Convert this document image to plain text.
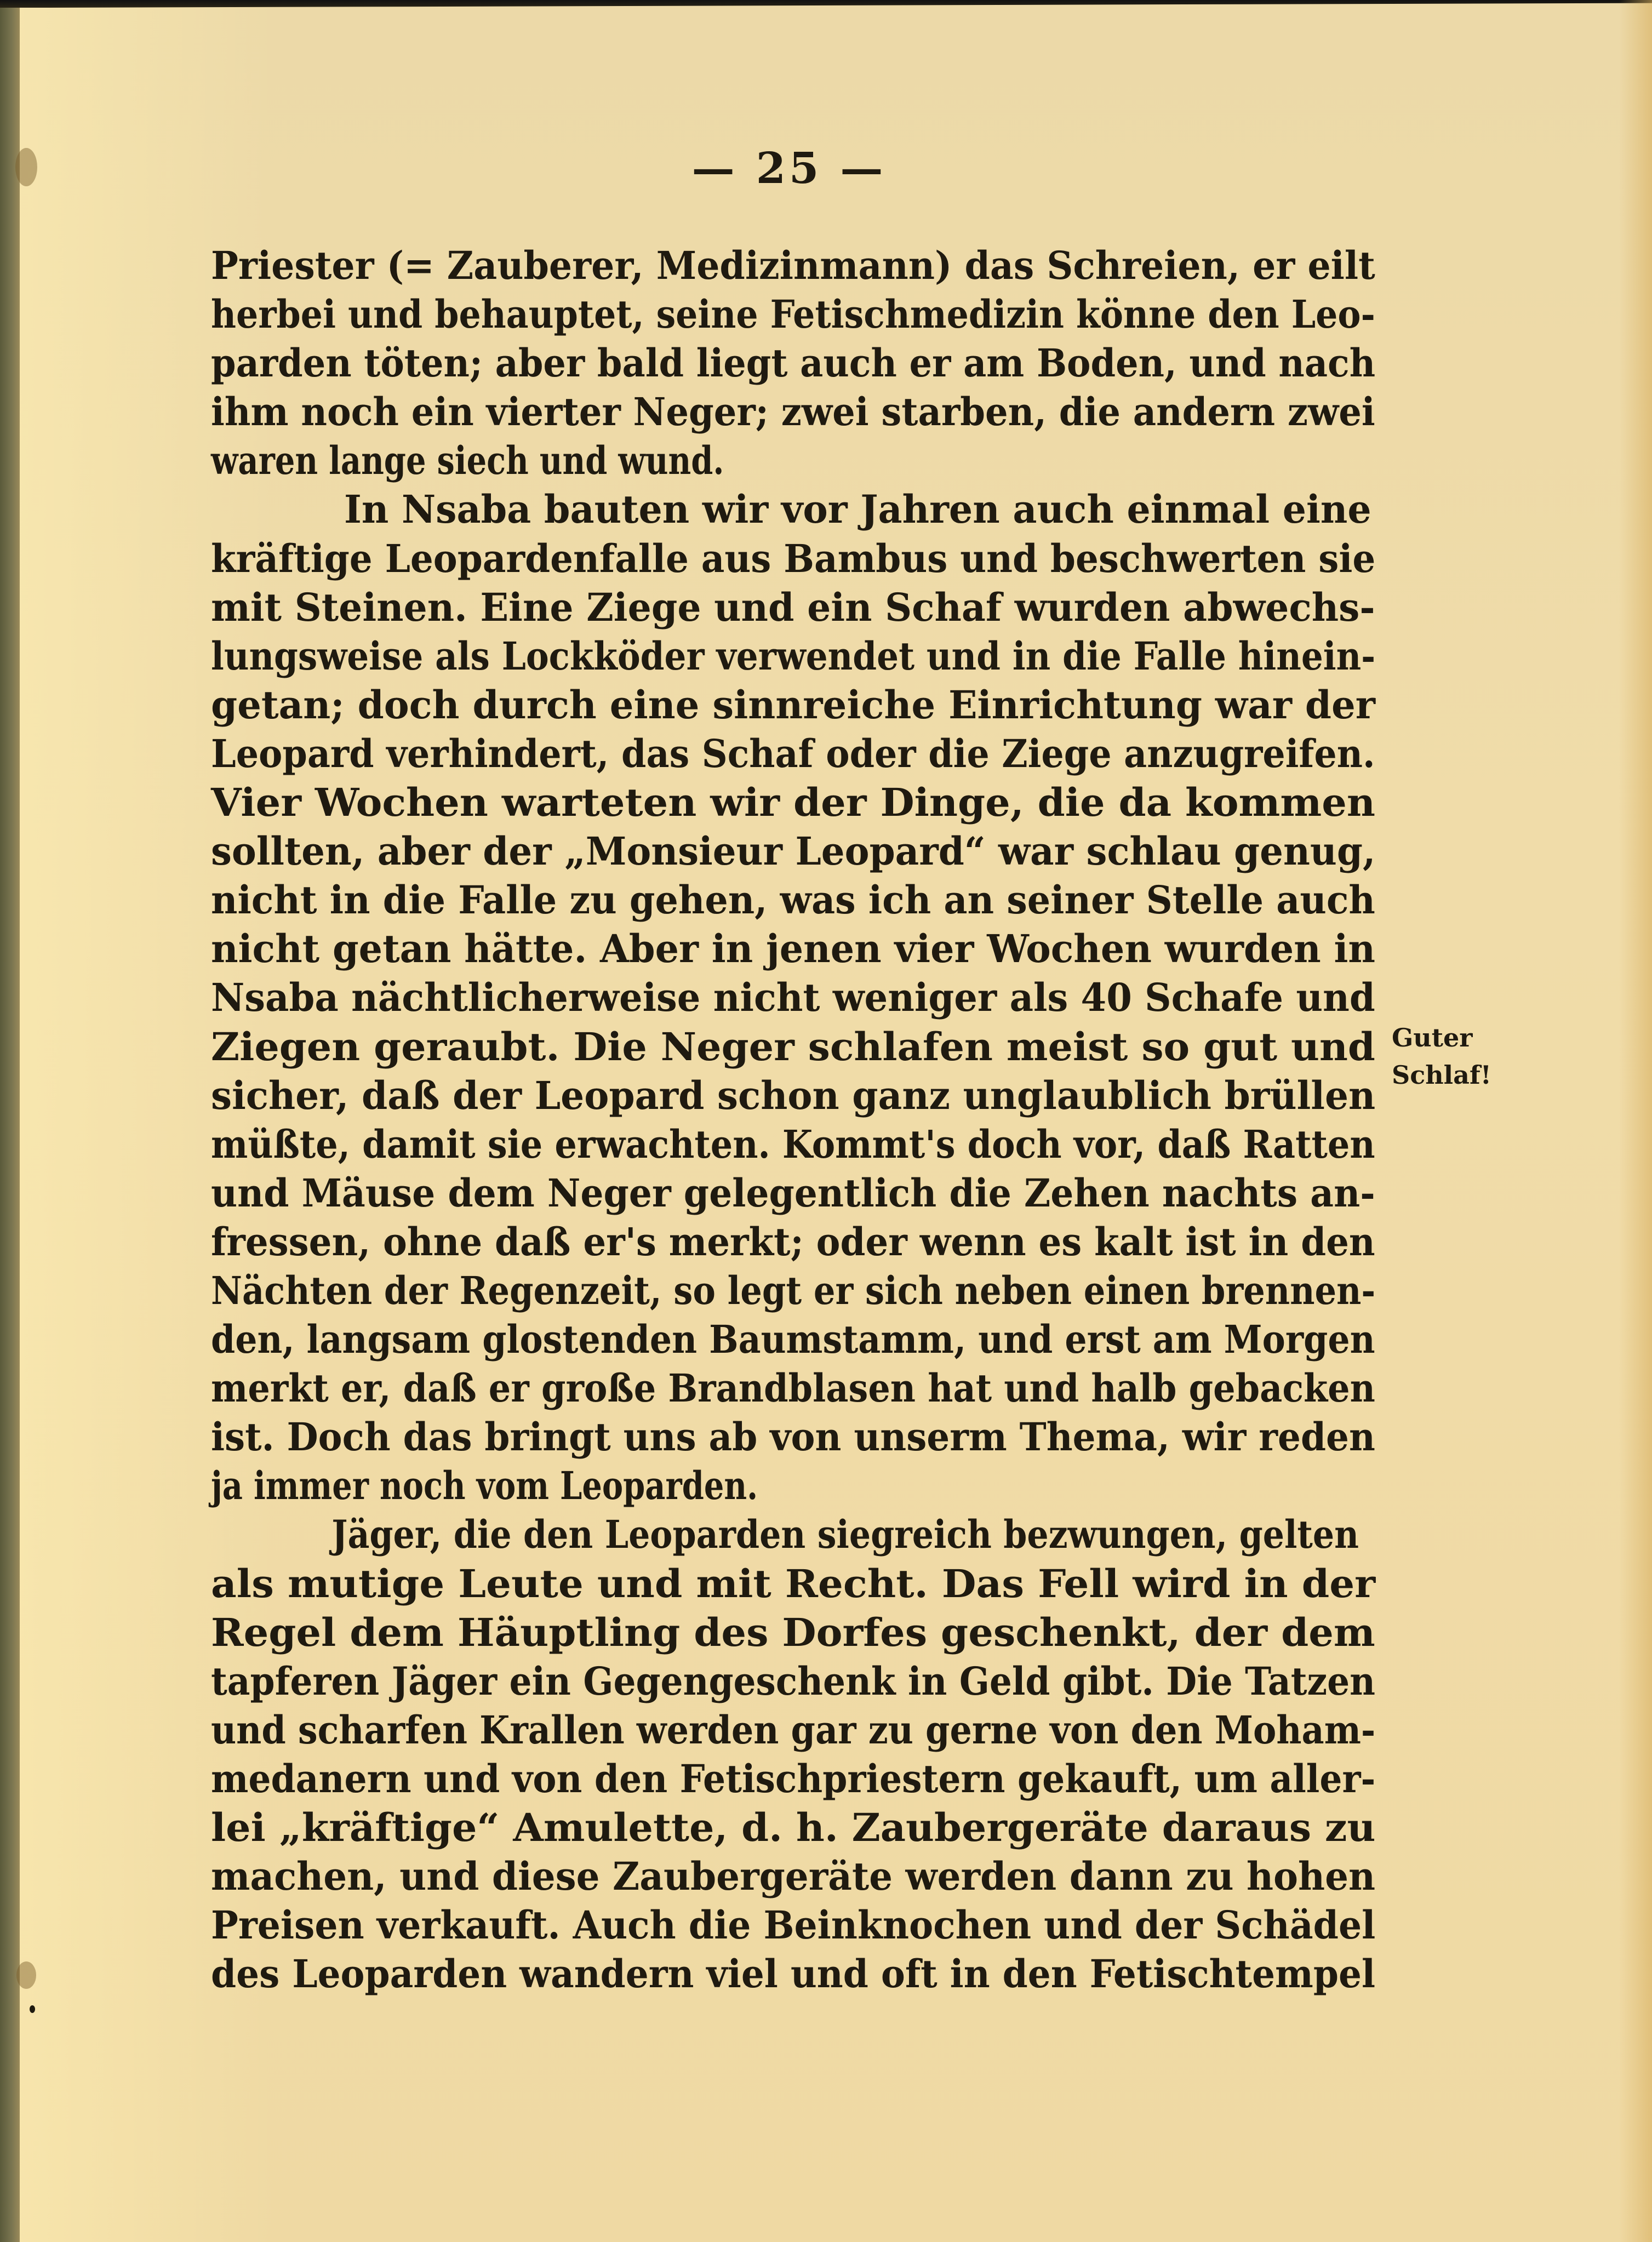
— 25 —
Priester (= Zauberer, Medizinmann) das Schreien, er eilt
herbei und behauptet, seine Fetischmedizin könne den Leo-
parden töten; aber bald liegt auch er am Boden, und nach
ihm noch ein vierter Neger; zwei starben, die andern zwei
waren lange siech und wund.
In Nsaba bauten wir vor Jahren auch einmal eine
kräftige Leopardenfalle aus Bambus und beschwerten sie
mit Steinen. Eine Ziege und ein Schaf wurden abwechs-
lungsweise als Lockköder verwendet und in die Falle hinein-
getan; doch durch eine sinnreiche Einrichtung war der
Leopard verhindert, das Schaf oder die Ziege anzugreifen.
Vier Wochen warteten wir der Dinge, die da kommen
sollten, aber der „Monsieur Leopard“ war schlau genug,
nicht in die Falle zu gehen, was ich an seiner Stelle auch
nicht getan hätte. Aber in jenen vier Wochen wurden in
Nsaba nächtlicherweise nicht weniger als 40 Schafe und
Ziegen geraubt. Die Neger schlafen meist so gut und
sicher, daß der Leopard schon ganz unglaublich brüllen
müßte, damit sie erwachten. Kommt's doch vor, daß Ratten
und Mäuse dem Neger gelegentlich die Zehen nachts an-
fressen, ohne daß er's merkt; oder wenn es kalt ist in den
Nächten der Regenzeit, so legt er sich neben einen brennen-
den, langsam glostenden Baumstamm, und erst am Morgen
merkt er, daß er große Brandblasen hat und halb gebacken
ist. Doch das bringt uns ab von unserm Thema, wir reden
ja immer noch vom Leoparden.
Jäger, die den Leoparden siegreich bezwungen, gelten
als mutige Leute und mit Recht. Das Fell wird in der
Regel dem Häuptling des Dorfes geschenkt, der dem
tapferen Jäger ein Gegengeschenk in Geld gibt. Die Tatzen
und scharfen Krallen werden gar zu gerne von den Moham-
medanern und von den Fetischpriestern gekauft, um aller-
lei „kräftige“ Amulette, d. h. Zaubergeräte daraus zu
machen, und diese Zaubergeräte werden dann zu hohen
Preisen verkauft. Auch die Beinknochen und der Schädel
des Leoparden wandern viel und oft in den Fetischtempel
Guter
Schlaf!
